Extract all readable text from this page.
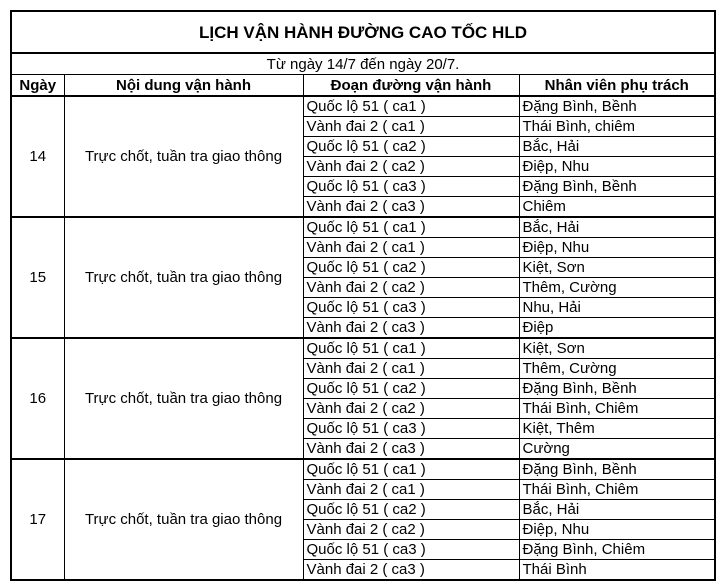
LỊCH VẬN HÀNH ĐƯỜNG CAO TỐC HLD			
Từ ngày 14/7 đến ngày 20/7.			
Ngày	Nội dung vận hành	Đoạn đường vận hành	Nhân viên phụ trách
14	Trực chốt, tuần tra giao thông	Quốc lộ 51 ( ca1 )	Đặng Bình, Bềnh
		Vành đai 2 ( ca1 )	Thái Bình, chiêm
		Quốc lộ 51 ( ca2 )	Bắc, Hải
		Vành đai 2 ( ca2 )	Điệp, Nhu
		Quốc lộ 51 ( ca3 )	Đặng Bình, Bềnh
		Vành đai 2 ( ca3 )	Chiêm
15	Trực chốt, tuần tra giao thông	Quốc lộ 51 ( ca1 )	Bắc, Hải
		Vành đai 2 ( ca1 )	Điệp, Nhu
		Quốc lộ 51 ( ca2 )	Kiệt, Sơn
		Vành đai 2 ( ca2 )	Thêm, Cường
		Quốc lộ 51 ( ca3 )	Nhu, Hải
		Vành đai 2 ( ca3 )	Điệp
16	Trực chốt, tuần tra giao thông	Quốc lộ 51 ( ca1 )	Kiệt, Sơn
		Vành đai 2 ( ca1 )	Thêm, Cường
		Quốc lộ 51 ( ca2 )	Đặng Bình, Bềnh
		Vành đai 2 ( ca2 )	Thái Bình, Chiêm
		Quốc lộ 51 ( ca3 )	Kiệt, Thêm
		Vành đai 2 ( ca3 )	Cường
17	Trực chốt, tuần tra giao thông	Quốc lộ 51 ( ca1 )	Đặng Bình, Bềnh
		Vành đai 2 ( ca1 )	Thái Bình, Chiêm
		Quốc lộ 51 ( ca2 )	Bắc, Hải
		Vành đai 2 ( ca2 )	Điệp, Nhu
		Quốc lộ 51 ( ca3 )	Đặng Bình, Chiêm
		Vành đai 2 ( ca3 )	Thái Bình
